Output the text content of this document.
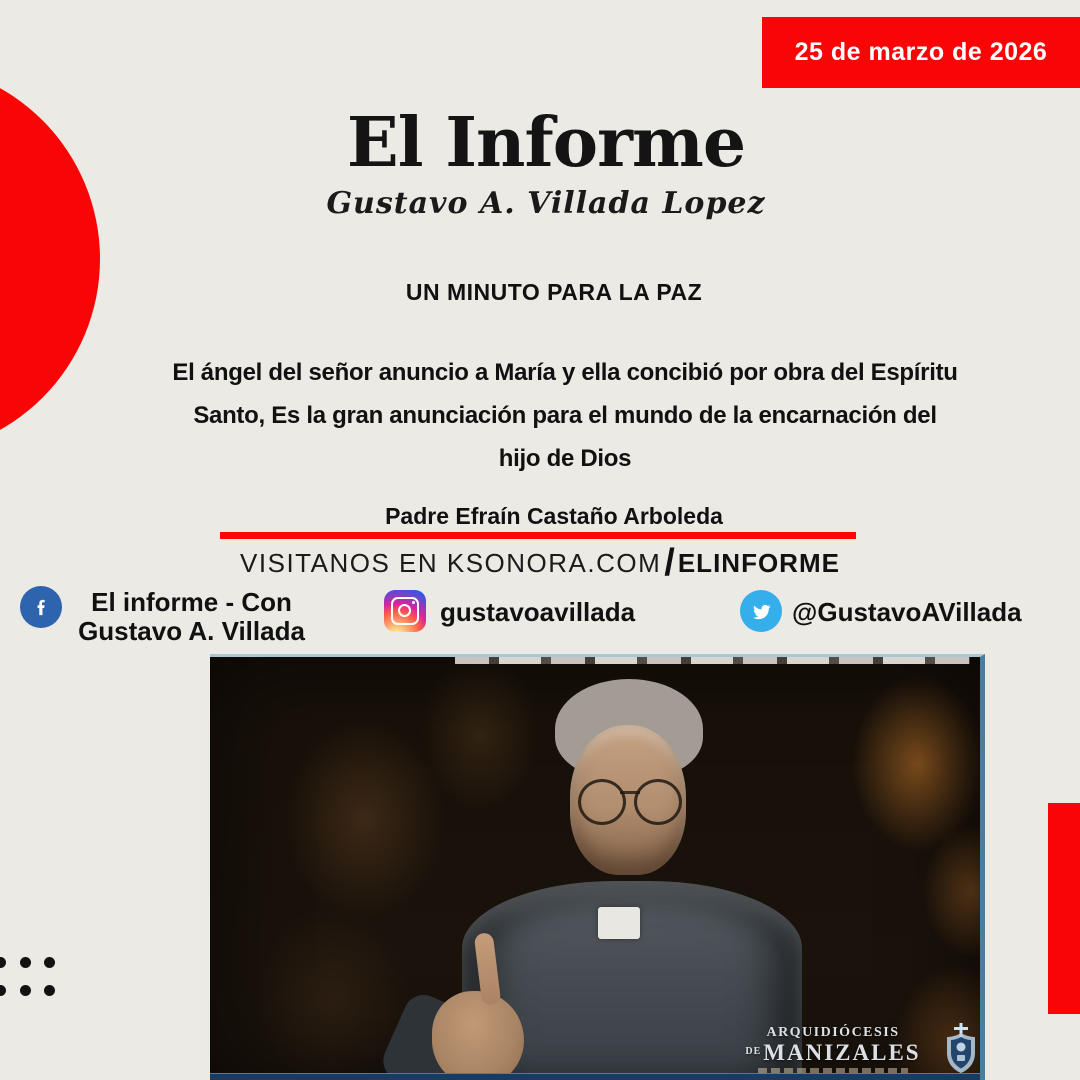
25 de marzo de 2026
El Informe
Gustavo A. Villada Lopez
UN MINUTO PARA LA PAZ
El ángel del señor anuncio a María y ella concibió por obra del Espíritu
Santo, Es la gran anunciación para el mundo de la encarnación del
hijo de Dios
Padre Efraín Castaño Arboleda
VISITANOS EN KSONORA.COM / ELINFORME
El informe - Con
Gustavo A. Villada
gustavoavillada	@GustavoAVillada
ARQUIDIÓCESIS
$^{DE}$MANIZALES
